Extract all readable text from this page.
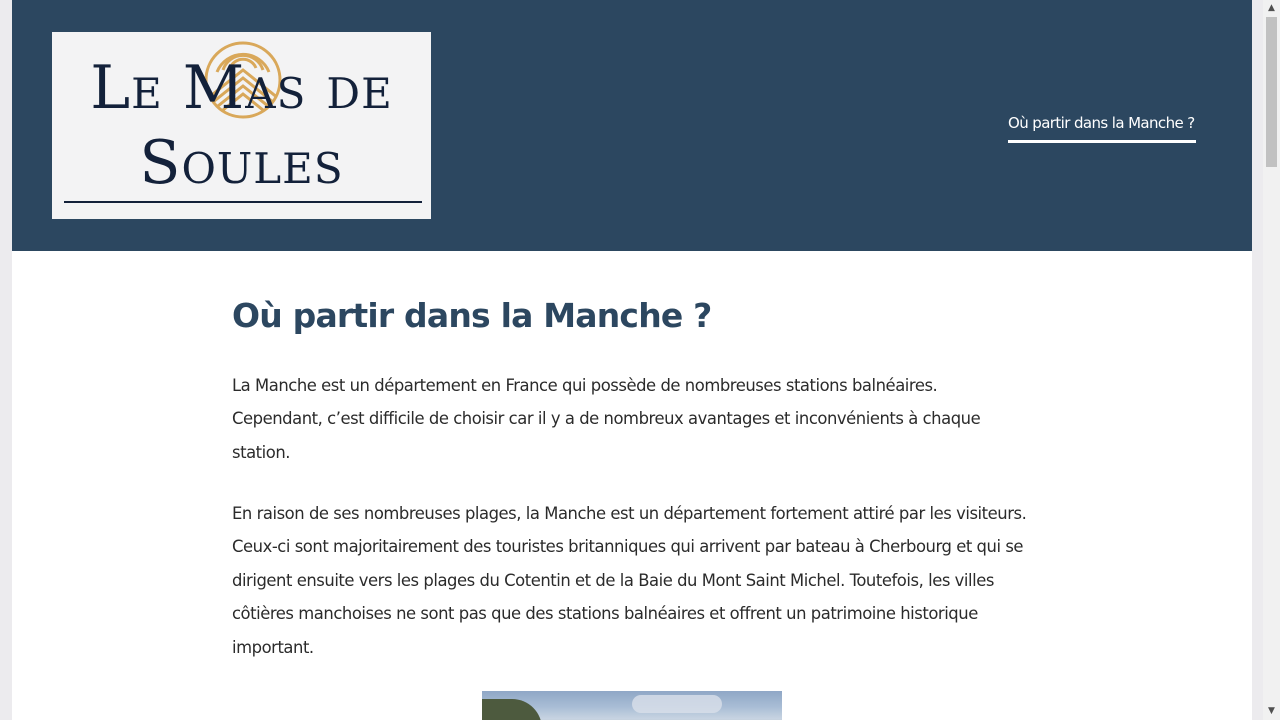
Le Mas de
Soules
Où partir dans la Manche ?
Où partir dans la Manche ?

La Manche est un département en France qui possède de nombreuses stations balnéaires. Cependant, c’est difficile de choisir car il y a de nombreux avantages et inconvénients à chaque station.

En raison de ses nombreuses plages, la Manche est un département fortement attiré par les visiteurs. Ceux-ci sont majoritairement des touristes britanniques qui arrivent par bateau à Cherbourg et qui se dirigent ensuite vers les plages du Cotentin et de la Baie du Mont Saint Michel. Toutefois, les villes côtières manchoises ne sont pas que des stations balnéaires et offrent un patrimoine historique important.

▲
▼
